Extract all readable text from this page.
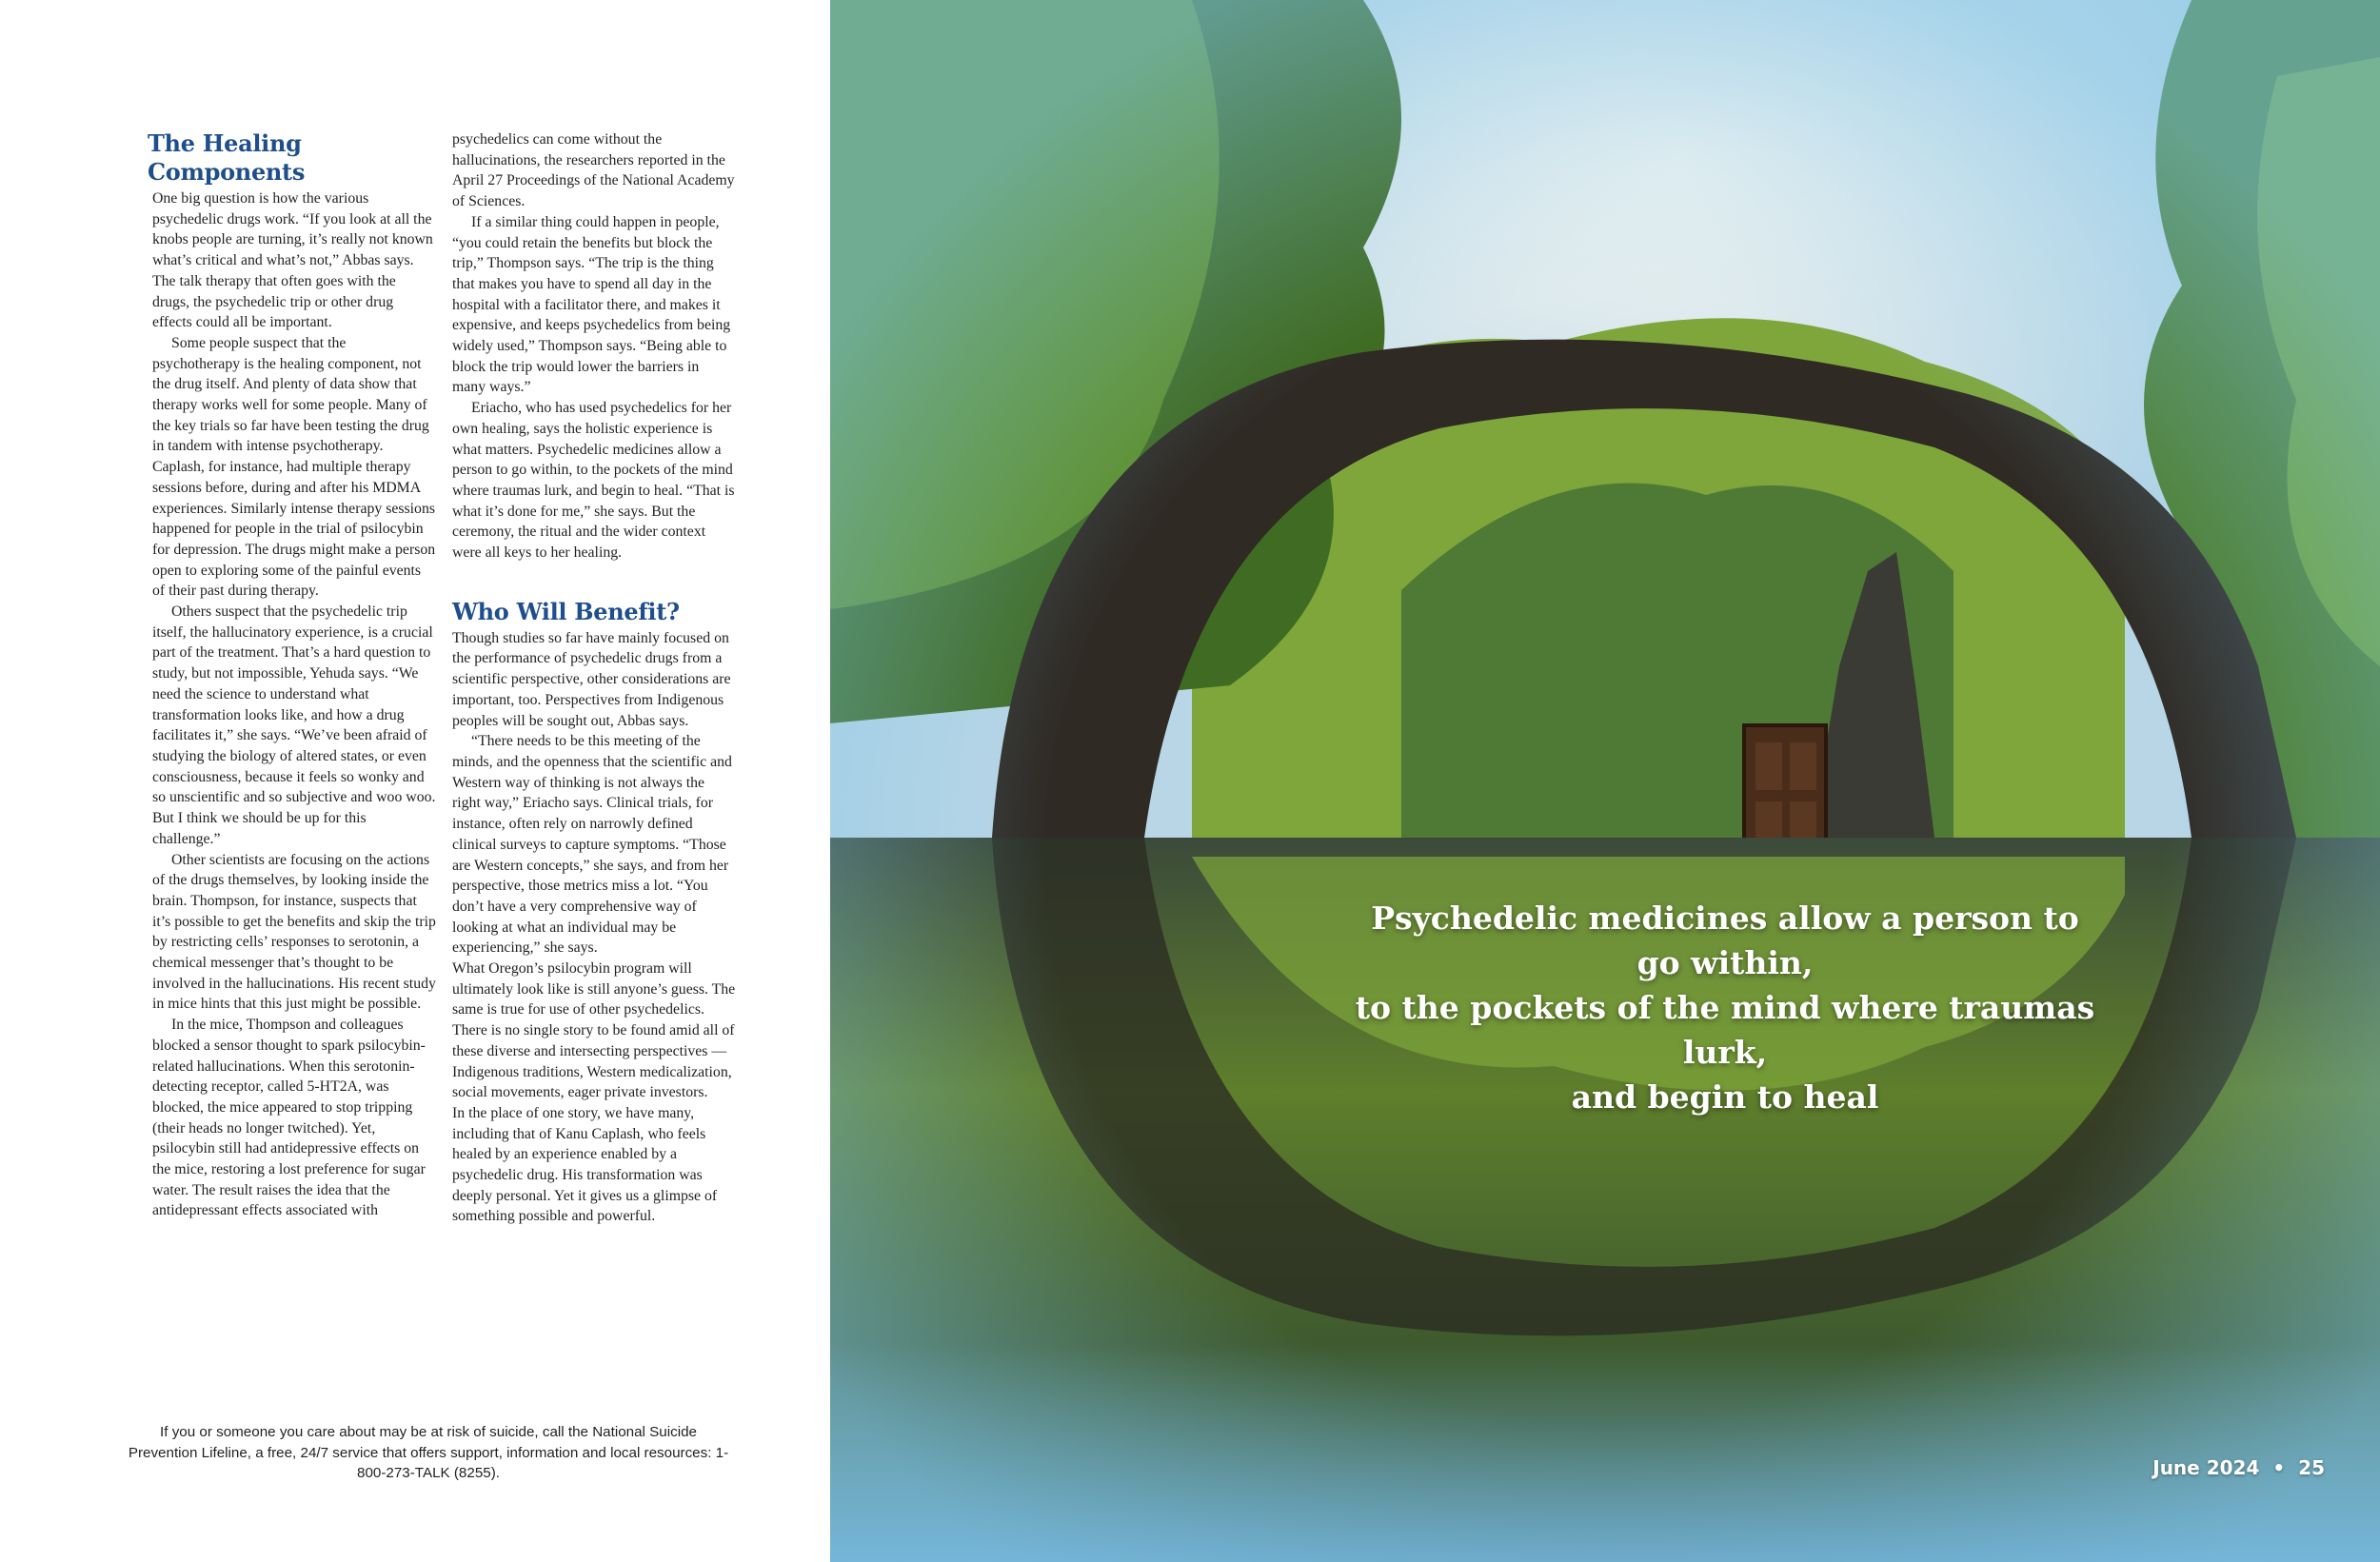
The Healing Components

One big question is how the various psychedelic drugs work. “If you look at all the knobs people are turning, it’s really not known what’s critical and what’s not,” Abbas says. The talk therapy that often goes with the drugs, the psychedelic trip or other drug effects could all be important.

Some people suspect that the psychotherapy is the healing component, not the drug itself. And plenty of data show that therapy works well for some people. Many of the key trials so far have been testing the drug in tandem with intense psychotherapy. Caplash, for instance, had multiple therapy sessions before, during and after his MDMA experiences. Similarly intense therapy sessions happened for people in the trial of psilocybin for depression. The drugs might make a person open to exploring some of the painful events of their past during therapy.

Others suspect that the psychedelic trip itself, the hallucinatory experience, is a crucial part of the treatment. That’s a hard question to study, but not impossible, Yehuda says. “We need the science to understand what transformation looks like, and how a drug facilitates it,” she says. “We’ve been afraid of studying the biology of altered states, or even consciousness, because it feels so wonky and so unscientific and so subjective and woo woo. But I think we should be up for this challenge.”

Other scientists are focusing on the actions of the drugs themselves, by looking inside the brain. Thompson, for instance, suspects that it’s possible to get the benefits and skip the trip by restricting cells’ responses to serotonin, a chemical messenger that’s thought to be involved in the hallucinations. His recent study in mice hints that this just might be possible.

In the mice, Thompson and colleagues blocked a sensor thought to spark psilocybin-related hallucinations. When this serotonin-detecting receptor, called 5-HT2A, was blocked, the mice appeared to stop tripping (their heads no longer twitched). Yet, psilocybin still had antidepressive effects on the mice, restoring a lost preference for sugar water. The result raises the idea that the antidepressant effects associated with

psychedelics can come without the hallucinations, the researchers reported in the April 27 Proceedings of the National Academy of Sciences.

If a similar thing could happen in people, “you could retain the benefits but block the trip,” Thompson says. “The trip is the thing that makes you have to spend all day in the hospital with a facilitator there, and makes it expensive, and keeps psychedelics from being widely used,” Thompson says. “Being able to block the trip would lower the barriers in many ways.”

Eriacho, who has used psychedelics for her own healing, says the holistic experience is what matters. Psychedelic medicines allow a person to go within, to the pockets of the mind where traumas lurk, and begin to heal. “That is what it’s done for me,” she says. But the ceremony, the ritual and the wider context were all keys to her healing.

Who Will Benefit?

Though studies so far have mainly focused on the performance of psychedelic drugs from a scientific perspective, other considerations are important, too. Perspectives from Indigenous peoples will be sought out, Abbas says.

“There needs to be this meeting of the minds, and the openness that the scientific and Western way of thinking is not always the right way,” Eriacho says. Clinical trials, for instance, often rely on narrowly defined clinical surveys to capture symptoms. “Those are Western concepts,” she says, and from her perspective, those metrics miss a lot. “You don’t have a very comprehensive way of looking at what an individual may be experiencing,” she says.

What Oregon’s psilocybin program will ultimately look like is still anyone’s guess. The same is true for use of other psychedelics. There is no single story to be found amid all of these diverse and intersecting perspectives — Indigenous traditions, Western medicalization, social movements, eager private investors.

In the place of one story, we have many, including that of Kanu Caplash, who feels healed by an experience enabled by a psychedelic drug. His transformation was deeply personal. Yet it gives us a glimpse of something possible and powerful.

If you or someone you care about may be at risk of suicide, call the National Suicide Prevention Lifeline, a free, 24/7 service that offers support, information and local resources: 1-800-273-TALK (8255).
Psychedelic medicines allow a person to go within,
to the pockets of the mind where traumas lurk,
and begin to heal
June 2024 • 25
